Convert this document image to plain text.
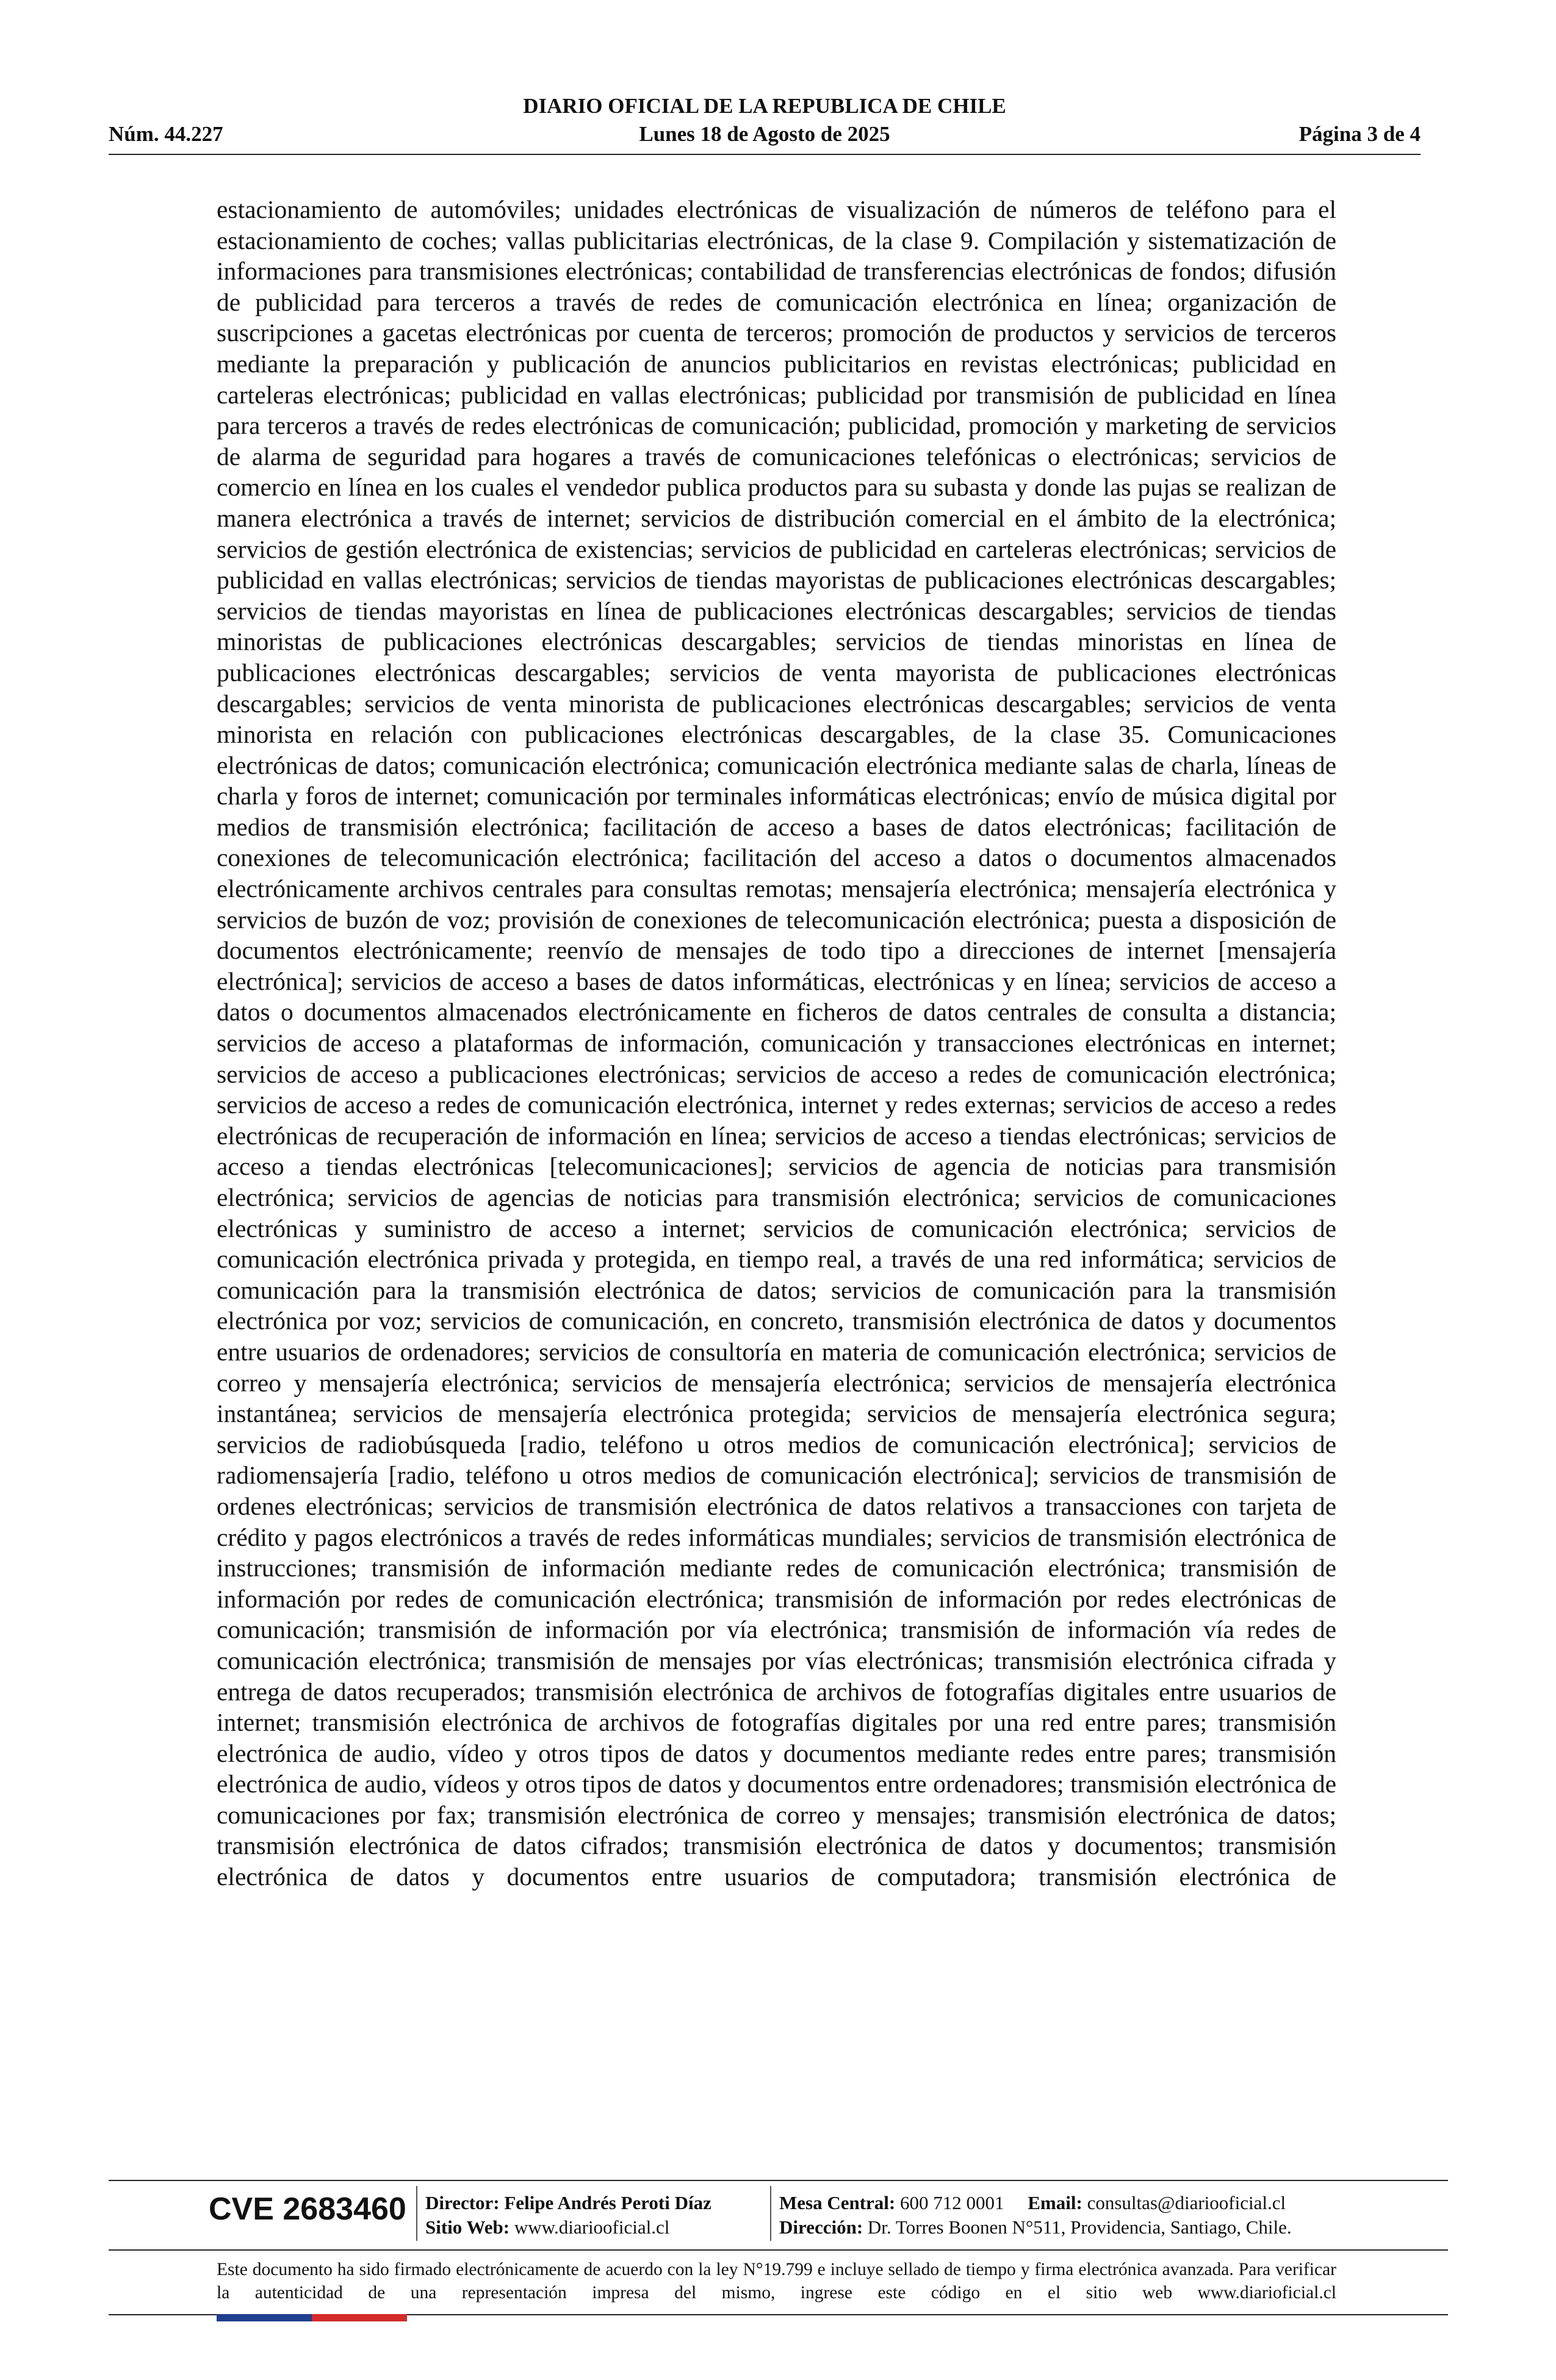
DIARIO OFICIAL DE LA REPUBLICA DE CHILE
Núm. 44.227	Lunes 18 de Agosto de 2025	Página 3 de 4

estacionamiento de automóviles; unidades electrónicas de visualización de números de teléfono para el estacionamiento de coches; vallas publicitarias electrónicas, de la clase 9. Compilación y sistematización de informaciones para transmisiones electrónicas; contabilidad de transferencias electrónicas de fondos; difusión de publicidad para terceros a través de redes de comunicación electrónica en línea; organización de suscripciones a gacetas electrónicas por cuenta de terceros; promoción de productos y servicios de terceros mediante la preparación y publicación de anuncios publicitarios en revistas electrónicas; publicidad en carteleras electrónicas; publicidad en vallas electrónicas; publicidad por transmisión de publicidad en línea para terceros a través de redes electrónicas de comunicación; publicidad, promoción y marketing de servicios de alarma de seguridad para hogares a través de comunicaciones telefónicas o electrónicas; servicios de comercio en línea en los cuales el vendedor publica productos para su subasta y donde las pujas se realizan de manera electrónica a través de internet; servicios de distribución comercial en el ámbito de la electrónica; servicios de gestión electrónica de existencias; servicios de publicidad en carteleras electrónicas; servicios de publicidad en vallas electrónicas; servicios de tiendas mayoristas de publicaciones electrónicas descargables; servicios de tiendas mayoristas en línea de publicaciones electrónicas descargables; servicios de tiendas minoristas de publicaciones electrónicas descargables; servicios de tiendas minoristas en línea de publicaciones electrónicas descargables; servicios de venta mayorista de publicaciones electrónicas descargables; servicios de venta minorista de publicaciones electrónicas descargables; servicios de venta minorista en relación con publicaciones electrónicas descargables, de la clase 35. Comunicaciones electrónicas de datos; comunicación electrónica; comunicación electrónica mediante salas de charla, líneas de charla y foros de internet; comunicación por terminales informáticas electrónicas; envío de música digital por medios de transmisión electrónica; facilitación de acceso a bases de datos electrónicas; facilitación de conexiones de telecomunicación electrónica; facilitación del acceso a datos o documentos almacenados electrónicamente archivos centrales para consultas remotas; mensajería electrónica; mensajería electrónica y servicios de buzón de voz; provisión de conexiones de telecomunicación electrónica; puesta a disposición de documentos electrónicamente; reenvío de mensajes de todo tipo a direcciones de internet [mensajería electrónica]; servicios de acceso a bases de datos informáticas, electrónicas y en línea; servicios de acceso a datos o documentos almacenados electrónicamente en ficheros de datos centrales de consulta a distancia; servicios de acceso a plataformas de información, comunicación y transacciones electrónicas en internet; servicios de acceso a publicaciones electrónicas; servicios de acceso a redes de comunicación electrónica; servicios de acceso a redes de comunicación electrónica, internet y redes externas; servicios de acceso a redes electrónicas de recuperación de información en línea; servicios de acceso a tiendas electrónicas; servicios de acceso a tiendas electrónicas [telecomunicaciones]; servicios de agencia de noticias para transmisión electrónica; servicios de agencias de noticias para transmisión electrónica; servicios de comunicaciones electrónicas y suministro de acceso a internet; servicios de comunicación electrónica; servicios de comunicación electrónica privada y protegida, en tiempo real, a través de una red informática; servicios de comunicación para la transmisión electrónica de datos; servicios de comunicación para la transmisión electrónica por voz; servicios de comunicación, en concreto, transmisión electrónica de datos y documentos entre usuarios de ordenadores; servicios de consultoría en materia de comunicación electrónica; servicios de correo y mensajería electrónica; servicios de mensajería electrónica; servicios de mensajería electrónica instantánea; servicios de mensajería electrónica protegida; servicios de mensajería electrónica segura; servicios de radiobúsqueda [radio, teléfono u otros medios de comunicación electrónica]; servicios de radiomensajería [radio, teléfono u otros medios de comunicación electrónica]; servicios de transmisión de ordenes electrónicas; servicios de transmisión electrónica de datos relativos a transacciones con tarjeta de crédito y pagos electrónicos a través de redes informáticas mundiales; servicios de transmisión electrónica de instrucciones; transmisión de información mediante redes de comunicación electrónica; transmisión de información por redes de comunicación electrónica; transmisión de información por redes electrónicas de comunicación; transmisión de información por vía electrónica; transmisión de información vía redes de comunicación electrónica; transmisión de mensajes por vías electrónicas; transmisión electrónica cifrada y entrega de datos recuperados; transmisión electrónica de archivos de fotografías digitales entre usuarios de internet; transmisión electrónica de archivos de fotografías digitales por una red entre pares; transmisión electrónica de audio, vídeo y otros tipos de datos y documentos mediante redes entre pares; transmisión electrónica de audio, vídeos y otros tipos de datos y documentos entre ordenadores; transmisión electrónica de comunicaciones por fax; transmisión electrónica de correo y mensajes; transmisión electrónica de datos; transmisión electrónica de datos cifrados; transmisión electrónica de datos y documentos; transmisión electrónica de datos y documentos entre usuarios de computadora; transmisión electrónica de

CVE 2683460 Director: Felipe Andrés Peroti Díaz
Sitio Web: www.diariooficial.cl
Mesa Central: 600 712 0001 Email: consultas@diariooficial.cl
Dirección: Dr. Torres Boonen N°511, Providencia, Santiago, Chile.

Este documento ha sido firmado electrónicamente de acuerdo con la ley N°19.799 e incluye sellado de tiempo y firma electrónica avanzada. Para verificar la autenticidad de una representación impresa del mismo, ingrese este código en el sitio web www.diarioficial.cl
